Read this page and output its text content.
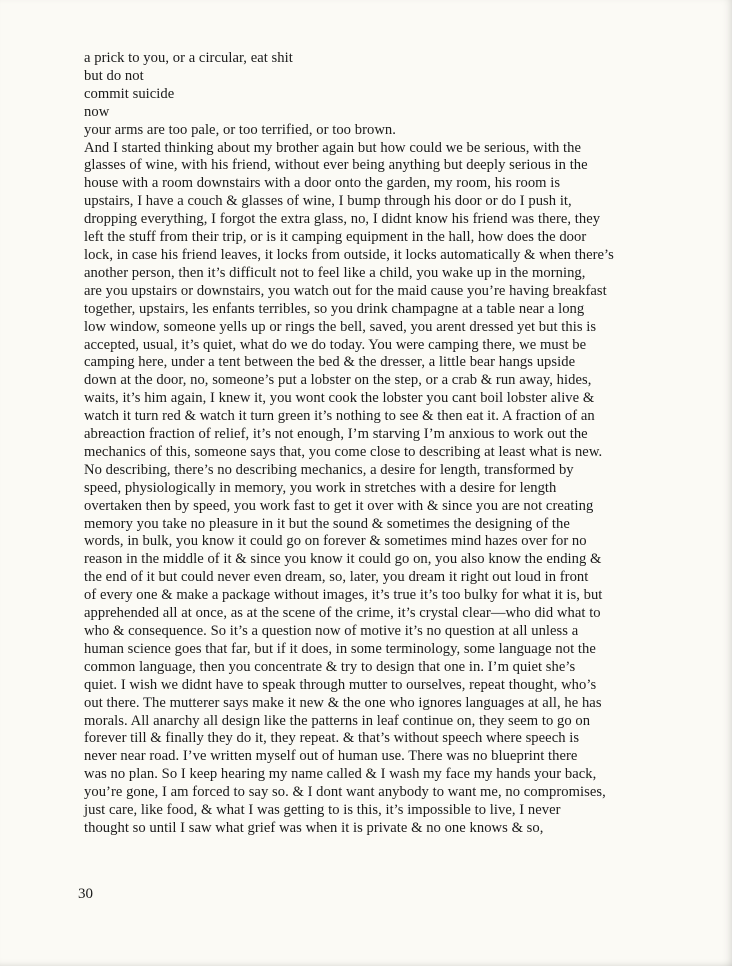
a prick to you, or a circular, eat shit
but do not
commit suicide
now
your arms are too pale, or too terrified, or too brown.
And I started thinking about my brother again but how could we be serious, with the
glasses of wine, with his friend, without ever being anything but deeply serious in the
house with a room downstairs with a door onto the garden, my room, his room is
upstairs, I have a couch & glasses of wine, I bump through his door or do I push it,
dropping everything, I forgot the extra glass, no, I didnt know his friend was there, they
left the stuff from their trip, or is it camping equipment in the hall, how does the door
lock, in case his friend leaves, it locks from outside, it locks automatically & when there’s
another person, then it’s difficult not to feel like a child, you wake up in the morning,
are you upstairs or downstairs, you watch out for the maid cause you’re having breakfast
together, upstairs, les enfants terribles, so you drink champagne at a table near a long
low window, someone yells up or rings the bell, saved, you arent dressed yet but this is
accepted, usual, it’s quiet, what do we do today. You were camping there, we must be
camping here, under a tent between the bed & the dresser, a little bear hangs upside
down at the door, no, someone’s put a lobster on the step, or a crab & run away, hides,
waits, it’s him again, I knew it, you wont cook the lobster you cant boil lobster alive &
watch it turn red & watch it turn green it’s nothing to see & then eat it. A fraction of an
abreaction fraction of relief, it’s not enough, I’m starving I’m anxious to work out the
mechanics of this, someone says that, you come close to describing at least what is new.
No describing, there’s no describing mechanics, a desire for length, transformed by
speed, physiologically in memory, you work in stretches with a desire for length
overtaken then by speed, you work fast to get it over with & since you are not creating
memory you take no pleasure in it but the sound & sometimes the designing of the
words, in bulk, you know it could go on forever & sometimes mind hazes over for no
reason in the middle of it & since you know it could go on, you also know the ending &
the end of it but could never even dream, so, later, you dream it right out loud in front
of every one & make a package without images, it’s true it’s too bulky for what it is, but
apprehended all at once, as at the scene of the crime, it’s crystal clear—who did what to
who & consequence. So it’s a question now of motive it’s no question at all unless a
human science goes that far, but if it does, in some terminology, some language not the
common language, then you concentrate & try to design that one in. I’m quiet she’s
quiet. I wish we didnt have to speak through mutter to ourselves, repeat thought, who’s
out there. The mutterer says make it new & the one who ignores languages at all, he has
morals. All anarchy all design like the patterns in leaf continue on, they seem to go on
forever till & finally they do it, they repeat. & that’s without speech where speech is
never near road. I’ve written myself out of human use. There was no blueprint there
was no plan. So I keep hearing my name called & I wash my face my hands your back,
you’re gone, I am forced to say so. & I dont want anybody to want me, no compromises,
just care, like food, & what I was getting to is this, it’s impossible to live, I never
thought so until I saw what grief was when it is private & no one knows & so,
30
